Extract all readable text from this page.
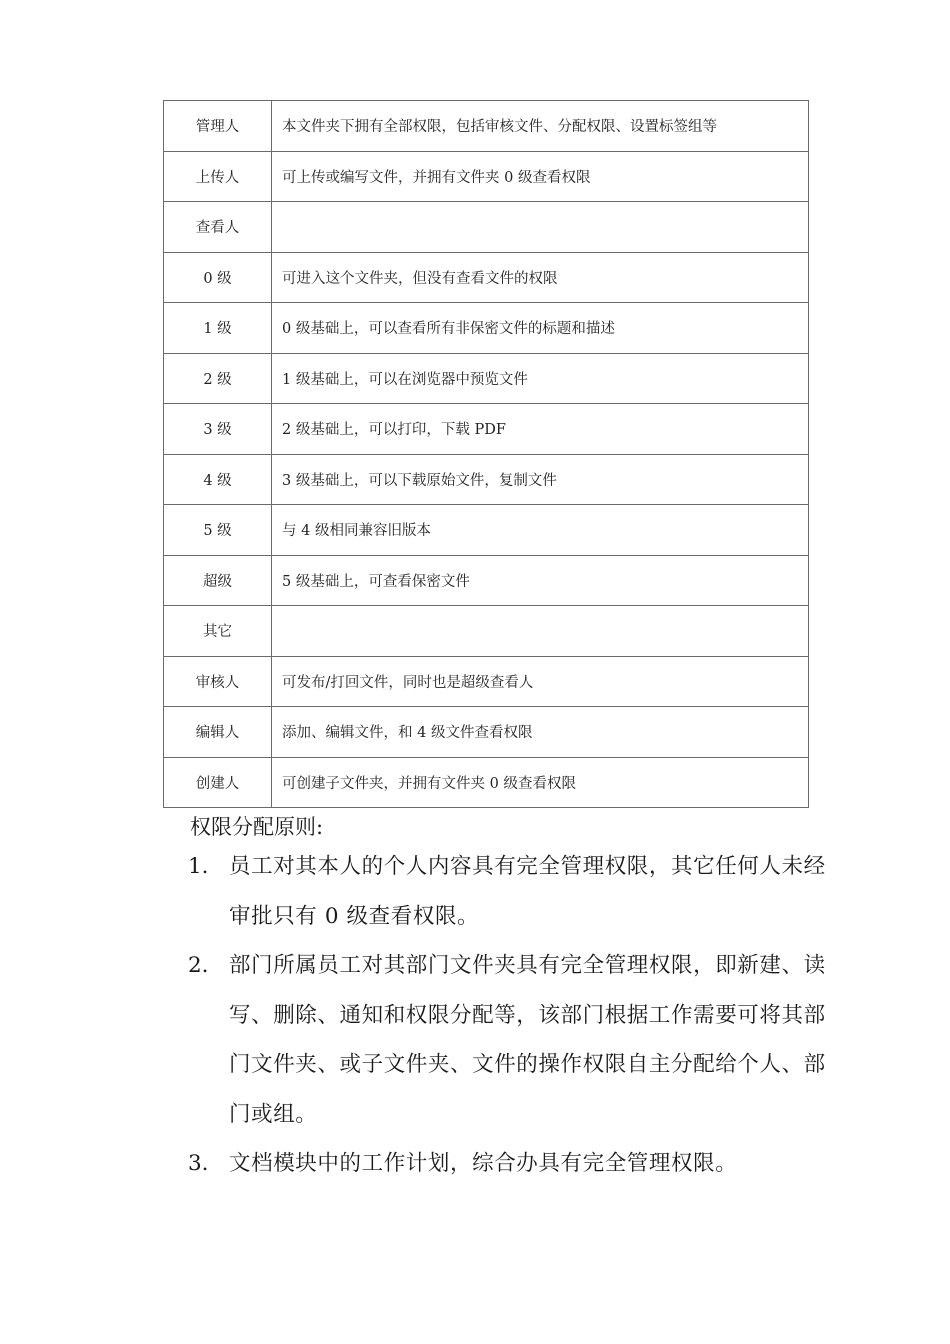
管理人	本文件夹下拥有全部权限，包括审核文件、分配权限、设置标签组等
上传人	可上传或编写文件，并拥有文件夹 0 级查看权限
查看人	
0 级	可进入这个文件夹，但没有查看文件的权限
1 级	0 级基础上，可以查看所有非保密文件的标题和描述
2 级	1 级基础上，可以在浏览器中预览文件
3 级	2 级基础上，可以打印，下载 PDF
4 级	3 级基础上，可以下载原始文件，复制文件
5 级	与 4 级相同兼容旧版本
超级	5 级基础上，可查看保密文件
其它	
审核人	可发布/打回文件，同时也是超级查看人
编辑人	添加、编辑文件，和 4 级文件查看权限
创建人	可创建子文件夹，并拥有文件夹 0 级查看权限

权限分配原则:

1. 员工对其本人的个人内容具有完全管理权限，其它任何人未经审批只有 0 级查看权限。
2. 部门所属员工对其部门文件夹具有完全管理权限，即新建、读写、删除、通知和权限分配等，该部门根据工作需要可将其部门文件夹、或子文件夹、文件的操作权限自主分配给个人、部门或组。
3. 文档模块中的工作计划，综合办具有完全管理权限。
